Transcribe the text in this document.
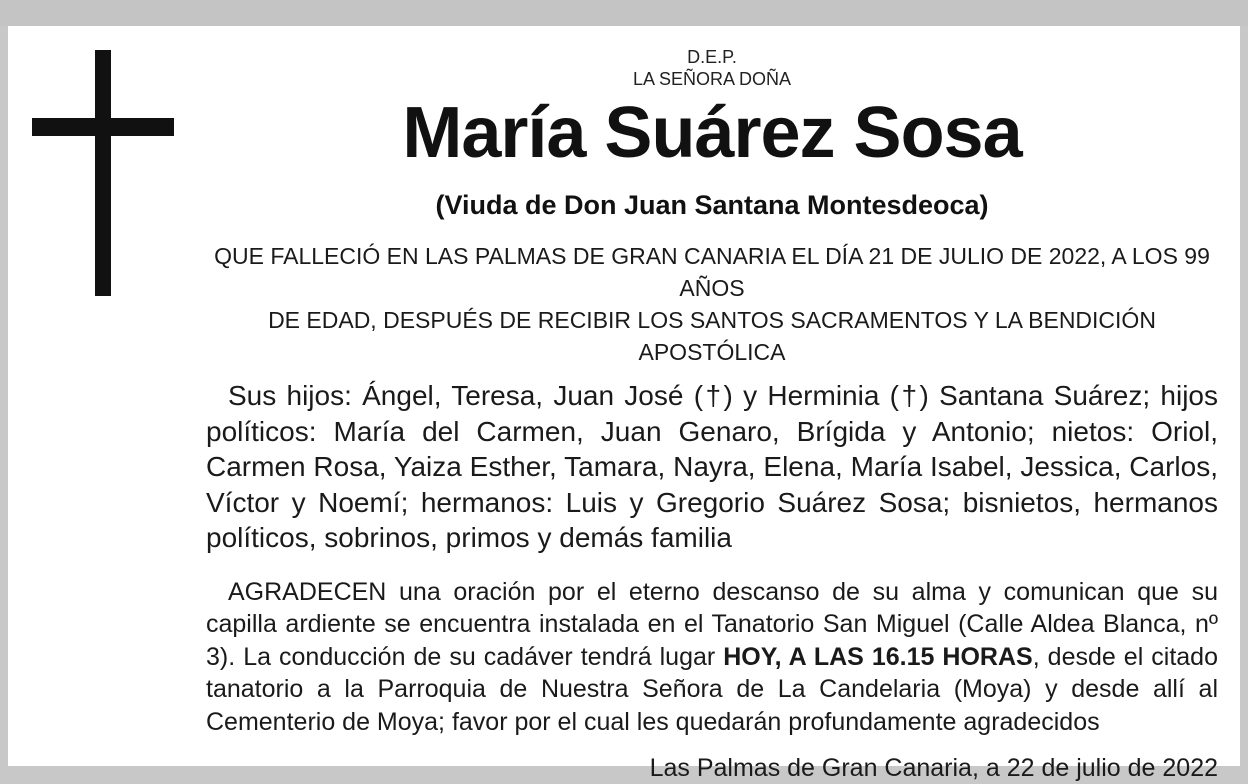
D.E.P.
LA SEÑORA DOÑA
María Suárez Sosa
(Viuda de Don Juan Santana Montesdeoca)
QUE FALLECIÓ EN LAS PALMAS DE GRAN CANARIA EL DÍA 21 DE JULIO DE 2022, A LOS 99 AÑOS
DE EDAD, DESPUÉS DE RECIBIR LOS SANTOS SACRAMENTOS Y LA BENDICIÓN APOSTÓLICA
Sus hijos: Ángel, Teresa, Juan José (†) y Herminia (†) Santana Suárez; hijos políticos: María del Carmen, Juan Genaro, Brígida y Antonio; nietos: Oriol, Carmen Rosa, Yaiza Esther, Tamara, Nayra, Elena, María Isabel, Jessica, Carlos, Víctor y Noemí; hermanos: Luis y Gregorio Suárez Sosa; bisnietos, hermanos políticos, sobrinos, primos y demás familia
AGRADECEN una oración por el eterno descanso de su alma y comunican que su capilla ardiente se encuentra instalada en el Tanatorio San Miguel (Calle Aldea Blanca, nº 3). La conducción de su cadáver tendrá lugar HOY, A LAS 16.15 HORAS, desde el citado tanatorio a la Parroquia de Nuestra Señora de La Candelaria (Moya) y desde allí al Cementerio de Moya; favor por el cual les quedarán profundamente agradecidos
Las Palmas de Gran Canaria, a 22 de julio de 2022
